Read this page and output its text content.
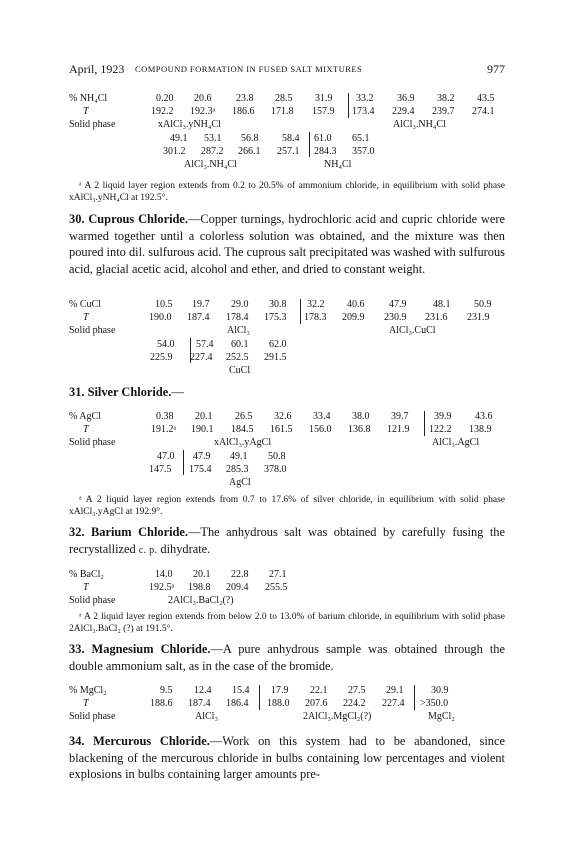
April, 1923 COMPOUND FORMATION IN FUSED SALT MIXTURES	977
% NH₄Cl	0.20 20.6 23.8 28.5 31.9 33.2 36.9 38.2 43.5
T	192.2 192.3ᵃ 186.6 171.8 157.9 173.4 229.4 239.7 274.1
Solid phase	xAlCl₃.yNH₄Cl	AlCl₃.NH₄Cl
49.1 53.1 56.8 58.4 61.0 65.1
301.2 287.2 266.1 257.1 284.3 357.0
AlCl₃.NH₄Cl	NH₄Cl
ᵃ A 2 liquid layer region extends from 0.2 to 20.5% of ammonium chloride, in equilibrium with solid phase xAlCl₃.yNH₄Cl at 192.5°.
30. Cuprous Chloride.—Copper turnings, hydrochloric acid and cupric chloride were warmed together until a colorless solution was obtained, and the mixture was then poured into dil. sulfurous acid. The cuprous salt precipitated was washed with sulfurous acid, glacial acetic acid, alcohol and ether, and dried to constant weight.
% CuCl	10.5 19.7 29.0 30.8 32.2 40.6 47.9	48.1 50.9
T	190.0 187.4 178.4 175.3 178.3 209.9 230.9 231.6 231.9
Solid phase	AlCl₃	AlCl₃.CuCl
54.0 57.4 60.1 62.0
225.9 227.4 252.5 291.5
CuCl
31. Silver Chloride.—
% AgCl	0.38 20.1 26.5 32.6 33.4 38.0 39.7	39.9 43.6
T	191.2ᵃ 190.1 184.5 161.5 156.0 136.8 121.9 122.2 138.9
Solid phase	xAlCl₃.yAgCl	AlCl₃.AgCl
47.0 47.9 49.1 50.8
147.5 175.4 285.3 378.0
AgCl
ᵃ A 2 liquid layer region extends from 0.7 to 17.6% of silver chloride, in equilibrium with solid phase xAlCl₃.yAgCl at 192.9°.
32. Barium Chloride.—The anhydrous salt was obtained by carefully fusing the recrystallized c. p. dihydrate.
% BaCl₂	14.0 20.1 22.8 27.1
T	192.5ᵃ 198.8 209.4 255.5
Solid phase	2AlCl₃.BaCl₂(?)
ᵃ A 2 liquid layer region extends from below 2.0 to 13.0% of barium chloride, in equilibrium with solid phase 2AlCl₃.BaCl₂ (?) at 191.5°.
33. Magnesium Chloride.—A pure anhydrous sample was obtained through the double ammonium salt, as in the case of the bromide.
% MgCl₂	9.5 12.4 15.4 17.9 22.1 27.5 29.1	30.9
T	188.6 187.4 186.4 188.0 207.6 224.2 227.4 >350.0
Solid phase	AlCl₃	2AlCl₃.MgCl₂(?)	MgCl₂
34. Mercurous Chloride.—Work on this system had to be abandoned, since blackening of the mercurous chloride in bulbs containing low percentages and violent explosions in bulbs containing larger amounts pre-
